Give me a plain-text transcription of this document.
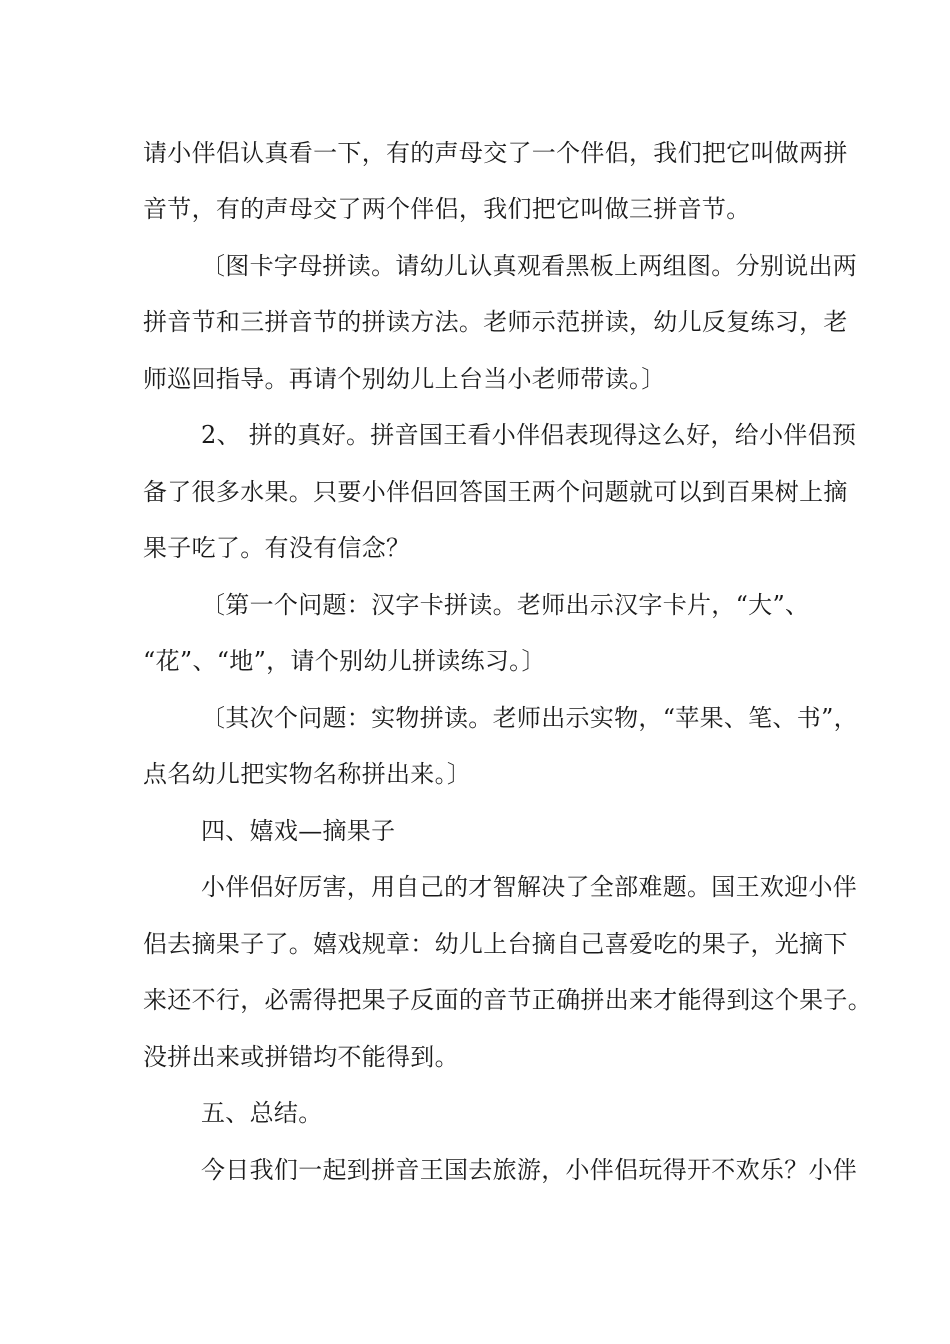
请小伴侣认真看一下，有的声母交了一个伴侣，我们把它叫做两拼
音节，有的声母交了两个伴侣，我们把它叫做三拼音节。
〔图卡字母拼读。请幼儿认真观看黑板上两组图。分别说出两
拼音节和三拼音节的拼读方法。老师示范拼读，幼儿反复练习，老
师巡回指导。再请个别幼儿上台当小老师带读。〕
2、 拼的真好。拼音国王看小伴侣表现得这么好，给小伴侣预
备了很多水果。只要小伴侣回答国王两个问题就可以到百果树上摘
果子吃了。有没有信念？
〔第一个问题：汉字卡拼读。老师出示汉字卡片，“大”、
“花”、“地”，请个别幼儿拼读练习。〕
〔其次个问题：实物拼读。老师出示实物，“苹果、笔、书”，
点名幼儿把实物名称拼出来。〕
四、嬉戏—摘果子
小伴侣好厉害，用自己的才智解决了全部难题。国王欢迎小伴
侣去摘果子了。嬉戏规章：幼儿上台摘自己喜爱吃的果子，光摘下
来还不行，必需得把果子反面的音节正确拼出来才能得到这个果子。
没拼出来或拼错均不能得到。
五、总结。
今日我们一起到拼音王国去旅游，小伴侣玩得开不欢乐？小伴
